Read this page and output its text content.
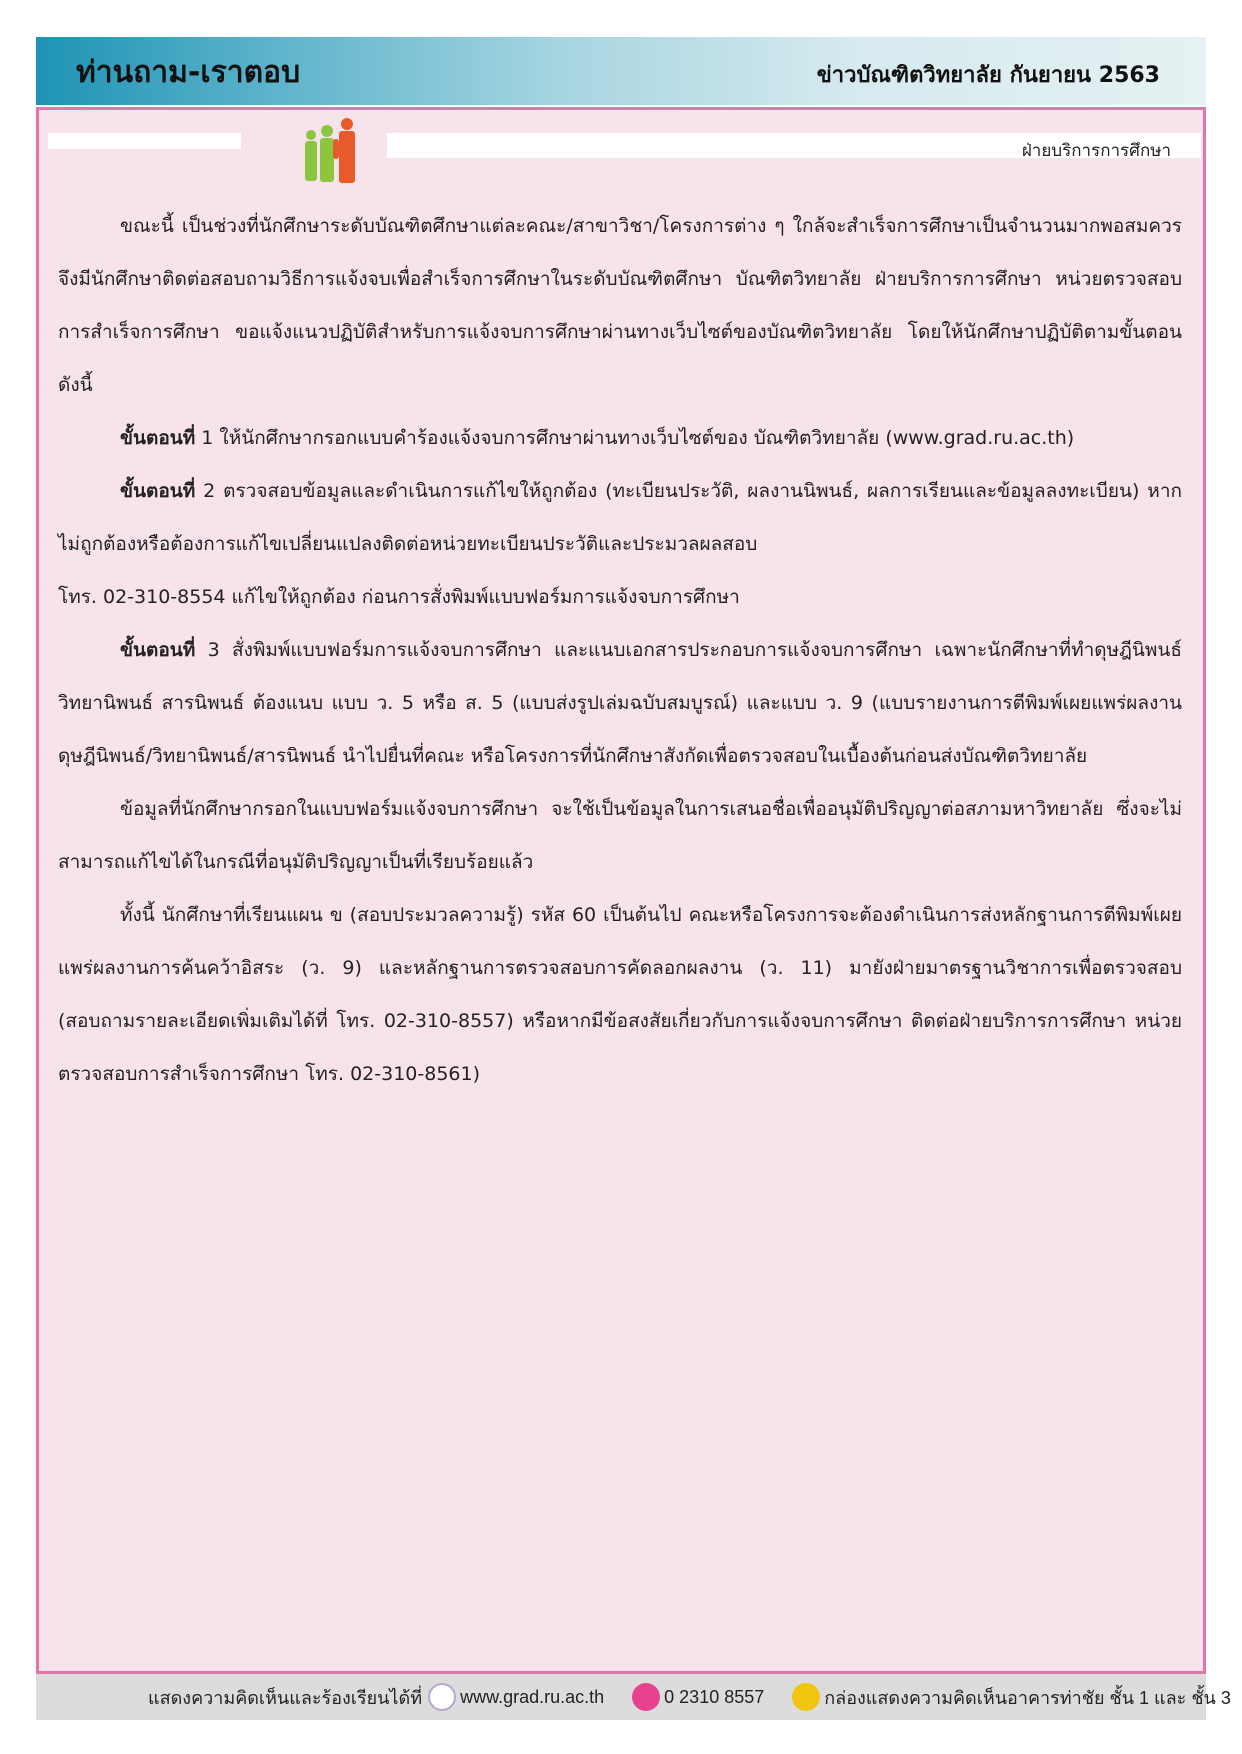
ท่านถาม-เราตอบ	ข่าวบัณฑิตวิทยาลัย กันยายน 2563
ฝ่ายบริการการศึกษา

ขณะนี้ เป็นช่วงที่นักศึกษาระดับบัณฑิตศึกษาแต่ละคณะ/สาขาวิชา/โครงการต่าง ๆ ใกล้จะสำเร็จการศึกษาเป็นจำนวนมากพอสมควร จึงมีนักศึกษาติดต่อสอบถามวิธีการแจ้งจบเพื่อสำเร็จการศึกษาในระดับบัณฑิตศึกษา บัณฑิตวิทยาลัย ฝ่ายบริการการศึกษา หน่วยตรวจสอบ การสำเร็จการศึกษา ขอแจ้งแนวปฏิบัติสำหรับการแจ้งจบการศึกษาผ่านทางเว็บไซต์ของบัณฑิตวิทยาลัย โดยให้นักศึกษาปฏิบัติตามขั้นตอน ดังนี้

ขั้นตอนที่ 1 ให้นักศึกษากรอกแบบคำร้องแจ้งจบการศึกษาผ่านทางเว็บไซต์ของ บัณฑิตวิทยาลัย (www.grad.ru.ac.th)

ขั้นตอนที่ 2 ตรวจสอบข้อมูลและดำเนินการแก้ไขให้ถูกต้อง (ทะเบียนประวัติ, ผลงานนิพนธ์, ผลการเรียนและข้อมูลลงทะเบียน) หากไม่ถูกต้องหรือต้องการแก้ไขเปลี่ยนแปลงติดต่อหน่วยทะเบียนประวัติและประมวลผลสอบ

โทร. 02-310-8554 แก้ไขให้ถูกต้อง ก่อนการสั่งพิมพ์แบบฟอร์มการแจ้งจบการศึกษา

ขั้นตอนที่ 3 สั่งพิมพ์แบบฟอร์มการแจ้งจบการศึกษา และแนบเอกสารประกอบการแจ้งจบการศึกษา เฉพาะนักศึกษาที่ทำดุษฎีนิพนธ์ วิทยานิพนธ์ สารนิพนธ์ ต้องแนบ แบบ ว. 5 หรือ ส. 5 (แบบส่งรูปเล่มฉบับสมบูรณ์) และแบบ ว. 9 (แบบรายงานการตีพิมพ์เผยแพร่ผลงานดุษฎีนิพนธ์/วิทยานิพนธ์/สารนิพนธ์ นำไปยื่นที่คณะ หรือโครงการที่นักศึกษาสังกัดเพื่อตรวจสอบในเบื้องต้นก่อนส่งบัณฑิตวิทยาลัย

ข้อมูลที่นักศึกษากรอกในแบบฟอร์มแจ้งจบการศึกษา จะใช้เป็นข้อมูลในการเสนอชื่อเพื่ออนุมัติปริญญาต่อสภามหาวิทยาลัย ซึ่งจะไม่สามารถแก้ไขได้ในกรณีที่อนุมัติปริญญาเป็นที่เรียบร้อยแล้ว

ทั้งนี้ นักศึกษาที่เรียนแผน ข (สอบประมวลความรู้) รหัส 60 เป็นต้นไป คณะหรือโครงการจะต้องดำเนินการส่งหลักฐานการตีพิมพ์เผยแพร่ผลงานการค้นคว้าอิสระ (ว. 9) และหลักฐานการตรวจสอบการคัดลอกผลงาน (ว. 11) มายังฝ่ายมาตรฐานวิชาการเพื่อตรวจสอบ (สอบถามรายละเอียดเพิ่มเติมได้ที่ โทร. 02-310-8557) หรือหากมีข้อสงสัยเกี่ยวกับการแจ้งจบการศึกษา ติดต่อฝ่ายบริการการศึกษา หน่วยตรวจสอบการสำเร็จการศึกษา โทร. 02-310-8561)

แสดงความคิดเห็นและร้องเรียนได้ที่ www.grad.ru.ac.th	0 2310 8557	กล่องแสดงความคิดเห็นอาคารท่าชัย ชั้น 1 และ ชั้น 3
